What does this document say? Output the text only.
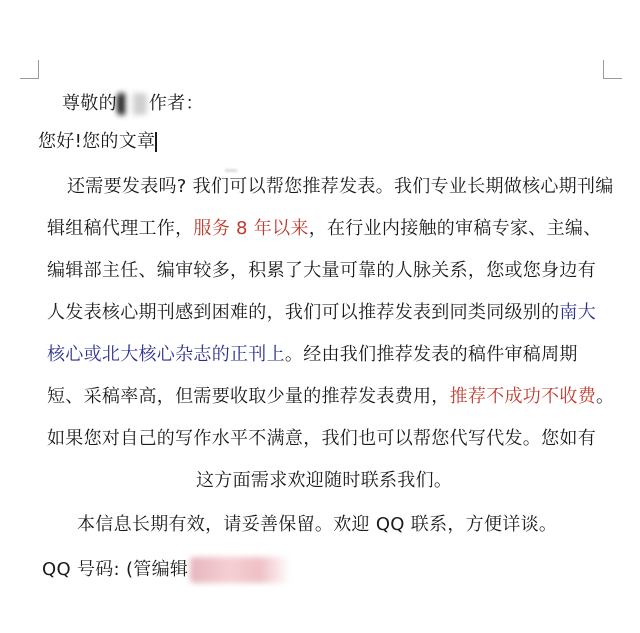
尊敬的 作者：
您好!您的文章
还需要发表吗? 我们可以帮您推荐发表。我们专业长期做核心期刊编
辑组稿代理工作，服务 8 年以来，在行业内接触的审稿专家、主编、
编辑部主任、编审较多，积累了大量可靠的人脉关系，您或您身边有
人发表核心期刊感到困难的，我们可以推荐发表到同类同级别的南大
核心或北大核心杂志的正刊上。经由我们推荐发表的稿件审稿周期
短、采稿率高，但需要收取少量的推荐发表费用，推荐不成功不收费。
如果您对自己的写作水平不满意，我们也可以帮您代写代发。您如有
这方面需求欢迎随时联系我们。
本信息长期有效，请妥善保留。欢迎 QQ 联系，方便详谈。
QQ 号码: (管编辑
